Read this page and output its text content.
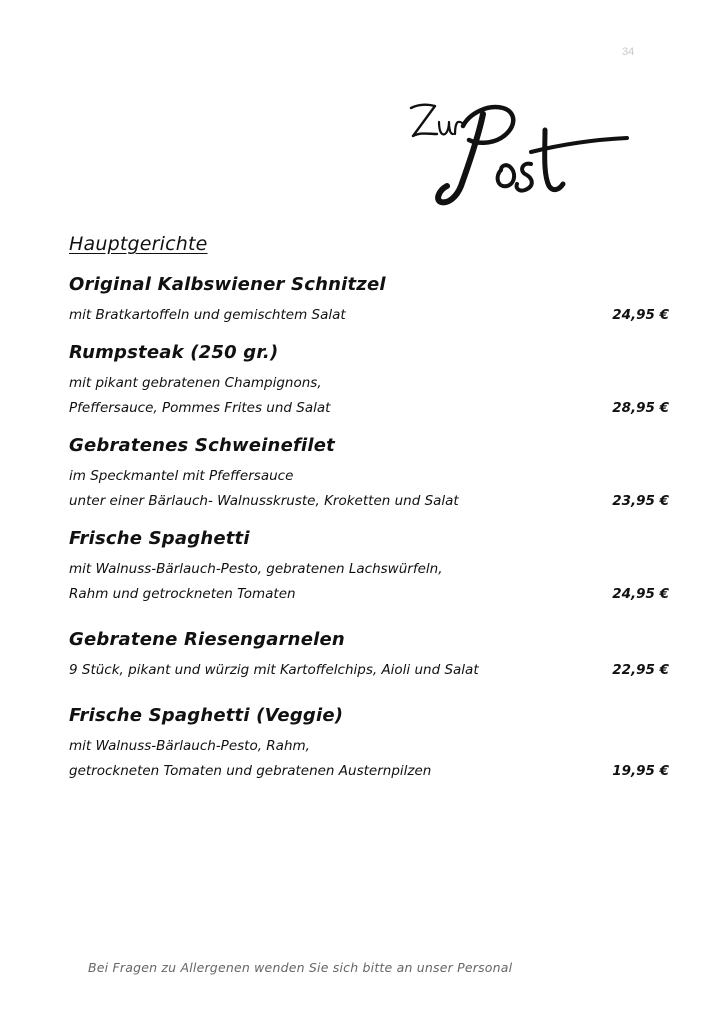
34
Hauptgerichte
Original Kalbswiener Schnitzel
mit Bratkartoffeln und gemischtem Salat	24,95 €
Rumpsteak (250 gr.)
mit pikant gebratenen Champignons,
Pfeffersauce, Pommes Frites und Salat	28,95 €
Gebratenes Schweinefilet
im Speckmantel mit Pfeffersauce
unter einer Bärlauch- Walnusskruste, Kroketten und Salat	23,95 €
Frische Spaghetti
mit Walnuss-Bärlauch-Pesto, gebratenen Lachswürfeln,
Rahm und getrockneten Tomaten	24,95 €
Gebratene Riesengarnelen
9 Stück, pikant und würzig mit Kartoffelchips, Aioli und Salat	22,95 €
Frische Spaghetti (Veggie)
mit Walnuss-Bärlauch-Pesto, Rahm,
getrockneten Tomaten und gebratenen Austernpilzen	19,95 €
Bei Fragen zu Allergenen wenden Sie sich bitte an unser Personal
